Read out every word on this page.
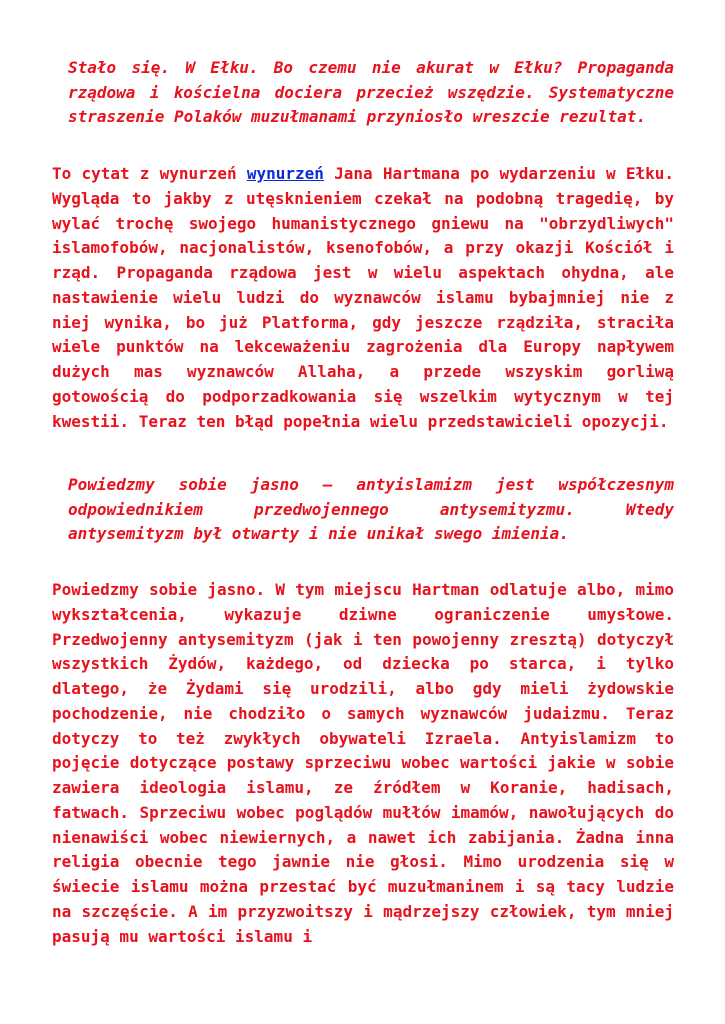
Stało się. W Ełku. Bo czemu nie akurat w Ełku? Propaganda rządowa i kościelna dociera przecież wszędzie. Systematyczne straszenie Polaków muzułmanami przyniosło wreszcie rezultat.

To cytat z wynurzeń wynurzeń Jana Hartmana po wydarzeniu w Ełku. Wygląda to jakby z utęsknieniem czekał na podobną tragedię, by wylać trochę swojego humanistycznego gniewu na "obrzydliwych" islamofobów, nacjonalistów, ksenofobów, a przy okazji Kościół i rząd. Propaganda rządowa jest w wielu aspektach ohydna, ale nastawienie wielu ludzi do wyznawców islamu bybajmniej nie z niej wynika, bo już Platforma, gdy jeszcze rządziła, straciła wiele punktów na lekceważeniu zagrożenia dla Europy napływem dużych mas wyznawców Allaha, a przede wszyskim gorliwą gotowością do podporzadkowania się wszelkim wytycznym w tej kwestii. Teraz ten błąd popełnia wielu przedstawicieli opozycji.

Powiedzmy sobie jasno – antyislamizm jest współczesnym odpowiednikiem przedwojennego antysemityzmu. Wtedy antysemityzm był otwarty i nie unikał swego imienia.

Powiedzmy sobie jasno. W tym miejscu Hartman odlatuje albo, mimo wykształcenia, wykazuje dziwne ograniczenie umysłowe. Przedwojenny antysemityzm (jak i ten powojenny zresztą) dotyczył wszystkich Żydów, każdego, od dziecka po starca, i tylko dlatego, że Żydami się urodzili, albo gdy mieli żydowskie pochodzenie, nie chodziło o samych wyznawców judaizmu. Teraz dotyczy to też zwykłych obywateli Izraela. Antyislamizm to pojęcie dotyczące postawy sprzeciwu wobec wartości jakie w sobie zawiera ideologia islamu, ze źródłem w Koranie, hadisach, fatwach. Sprzeciwu wobec poglądów mułłów imamów, nawołujących do nienawiści wobec niewiernych, a nawet ich zabijania. Żadna inna religia obecnie tego jawnie nie głosi. Mimo urodzenia się w świecie islamu można przestać być muzułmaninem i są tacy ludzie na szczęście. A im przyzwoitszy i mądrzejszy człowiek, tym mniej pasują mu wartości islamu i
